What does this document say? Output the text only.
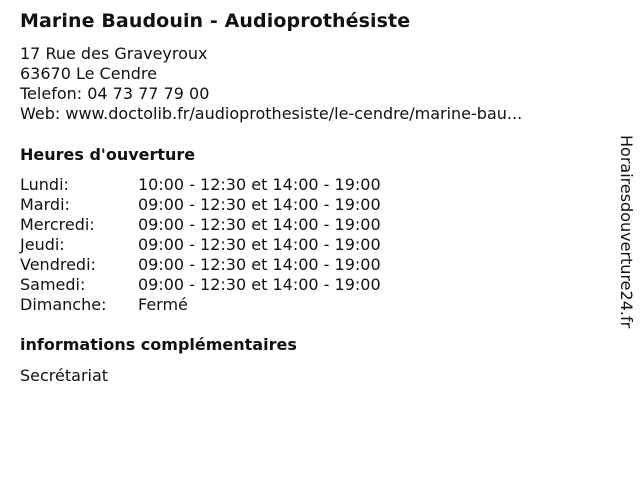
Marine Baudouin - Audioprothésiste
17 Rue des Graveyroux
63670 Le Cendre
Telefon: 04 73 77 79 00
Web: www.doctolib.fr/audioprothesiste/le-cendre/marine-bau...
Heures d'ouverture
Lundi:	10:00 - 12:30 et 14:00 - 19:00
Mardi:	09:00 - 12:30 et 14:00 - 19:00
Mercredi:	09:00 - 12:30 et 14:00 - 19:00
Jeudi:	09:00 - 12:30 et 14:00 - 19:00
Vendredi:	09:00 - 12:30 et 14:00 - 19:00
Samedi:	09:00 - 12:30 et 14:00 - 19:00
Dimanche: Fermé
informations complémentaires
Secrétariat
Horairesdouverture24.fr
